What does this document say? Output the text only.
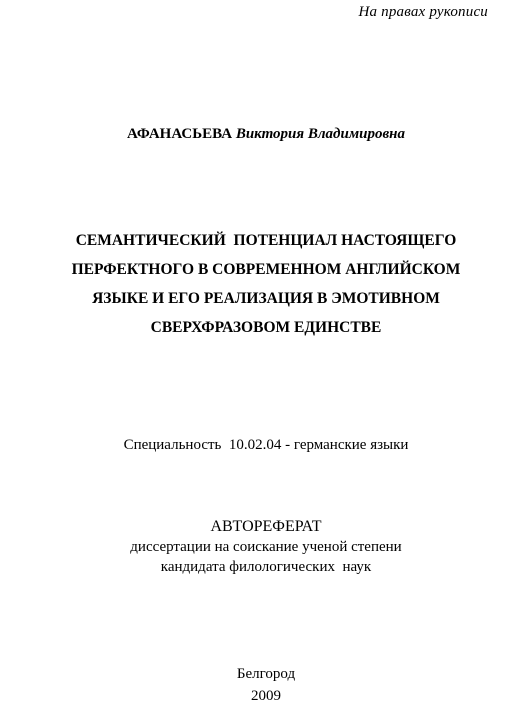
На правах рукописи
АФАНАСЬЕВА Виктория Владимировна
СЕМАНТИЧЕСКИЙ  ПОТЕНЦИАЛ НАСТОЯЩЕГО
ПЕРФЕКТНОГО В СОВРЕМЕННОМ АНГЛИЙСКОМ
ЯЗЫКЕ И ЕГО РЕАЛИЗАЦИЯ В ЭМОТИВНОМ
СВЕРХФРАЗОВОМ ЕДИНСТВЕ
Специальность  10.02.04 - германские языки
АВТОРЕФЕРАТ
диссертации на соискание ученой степени
кандидата филологических  наук
Белгород
2009
